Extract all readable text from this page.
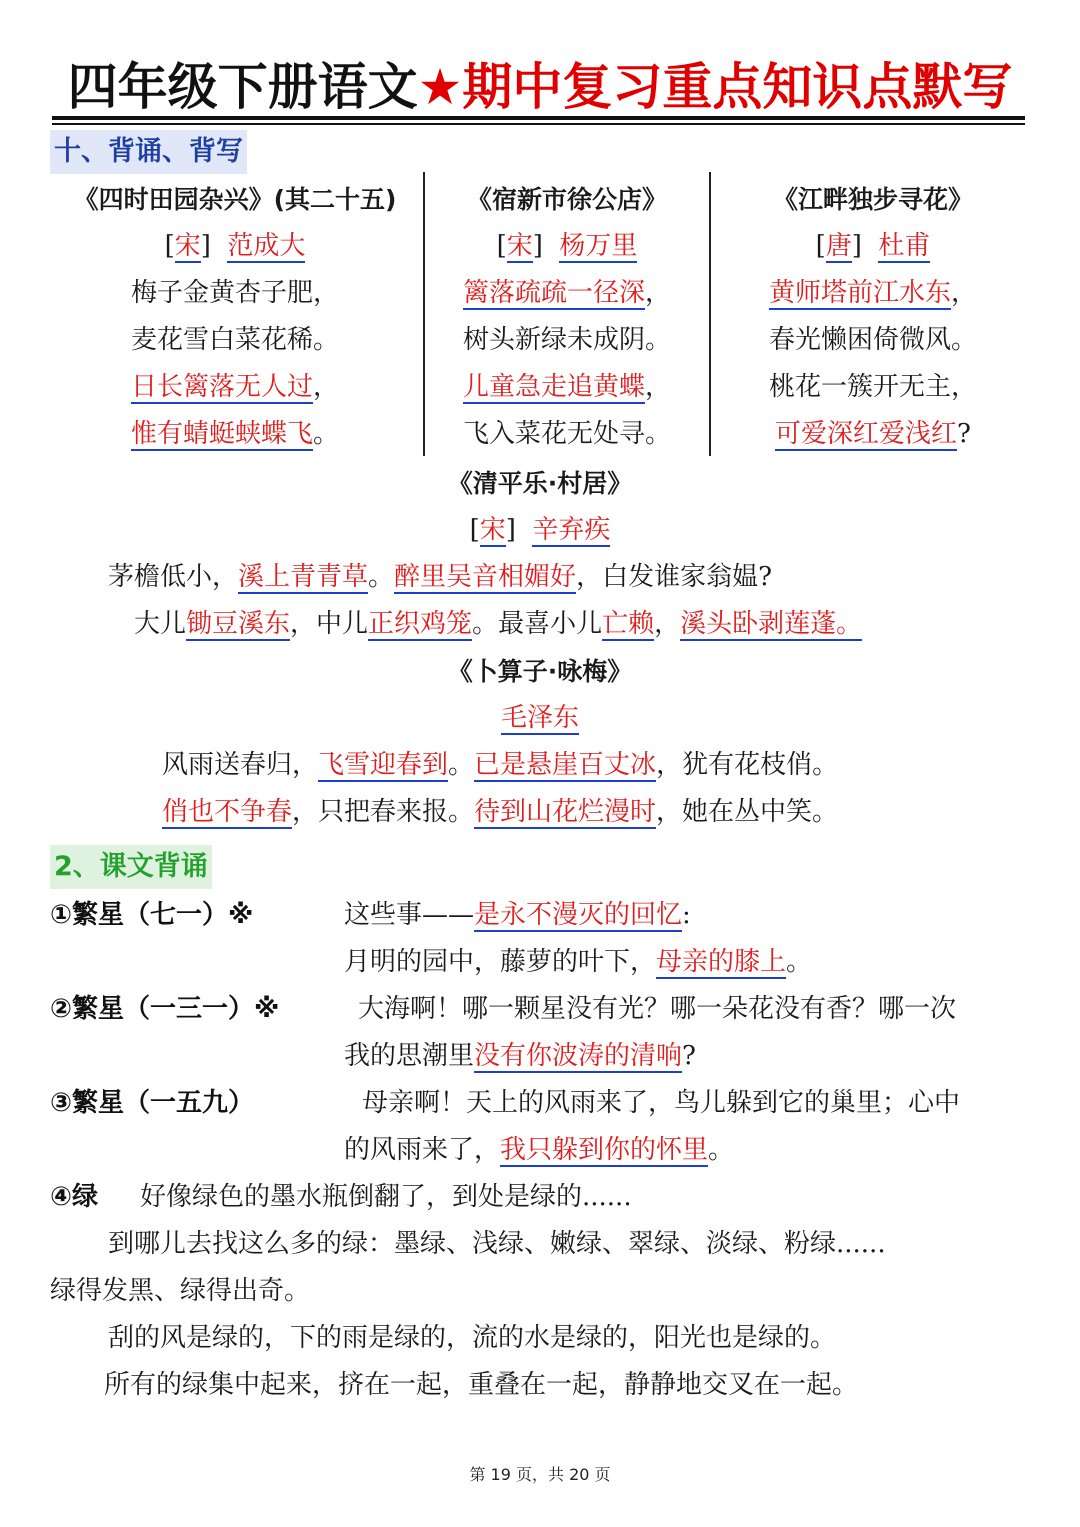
四年级下册语文★期中复习重点知识点默写
十、背诵、背写
《四时田园杂兴》(其二十五)
[宋]  范成大
梅子金黄杏子肥，
麦花雪白菜花稀。
日长篱落无人过，
惟有蜻蜓蛱蝶飞。
《宿新市徐公店》
[宋]  杨万里
篱落疏疏一径深，
树头新绿未成阴。
儿童急走追黄蝶，
飞入菜花无处寻。
《江畔独步寻花》
[唐]  杜甫
黄师塔前江水东，
春光懒困倚微风。
桃花一簇开无主，
可爱深红爱浅红?
《清平乐·村居》
[宋]  辛弃疾
茅檐低小，溪上青青草。醉里吴音相媚好，白发谁家翁媪?
大儿锄豆溪东，中儿正织鸡笼。最喜小儿亡赖，溪头卧剥莲蓬。
《卜算子·咏梅》
毛泽东
风雨送春归，飞雪迎春到。已是悬崖百丈冰，犹有花枝俏。
俏也不争春，只把春来报。待到山花烂漫时，她在丛中笑。
2、课文背诵
①繁星（七一）※	这些事——是永不漫灭的回忆:
月明的园中，藤萝的叶下，母亲的膝上。
②繁星（一三一）※	大海啊！哪一颗星没有光？哪一朵花没有香？哪一次
我的思潮里没有你波涛的清响?
③繁星（一五九）	母亲啊！天上的风雨来了，鸟儿躲到它的巢里；心中
的风雨来了，我只躲到你的怀里。
④绿 好像绿色的墨水瓶倒翻了，到处是绿的......
到哪儿去找这么多的绿：墨绿、浅绿、嫩绿、翠绿、淡绿、粉绿......
绿得发黑、绿得出奇。
刮的风是绿的，下的雨是绿的，流的水是绿的，阳光也是绿的。
所有的绿集中起来，挤在一起，重叠在一起，静静地交叉在一起。
第 19 页，共 20 页
